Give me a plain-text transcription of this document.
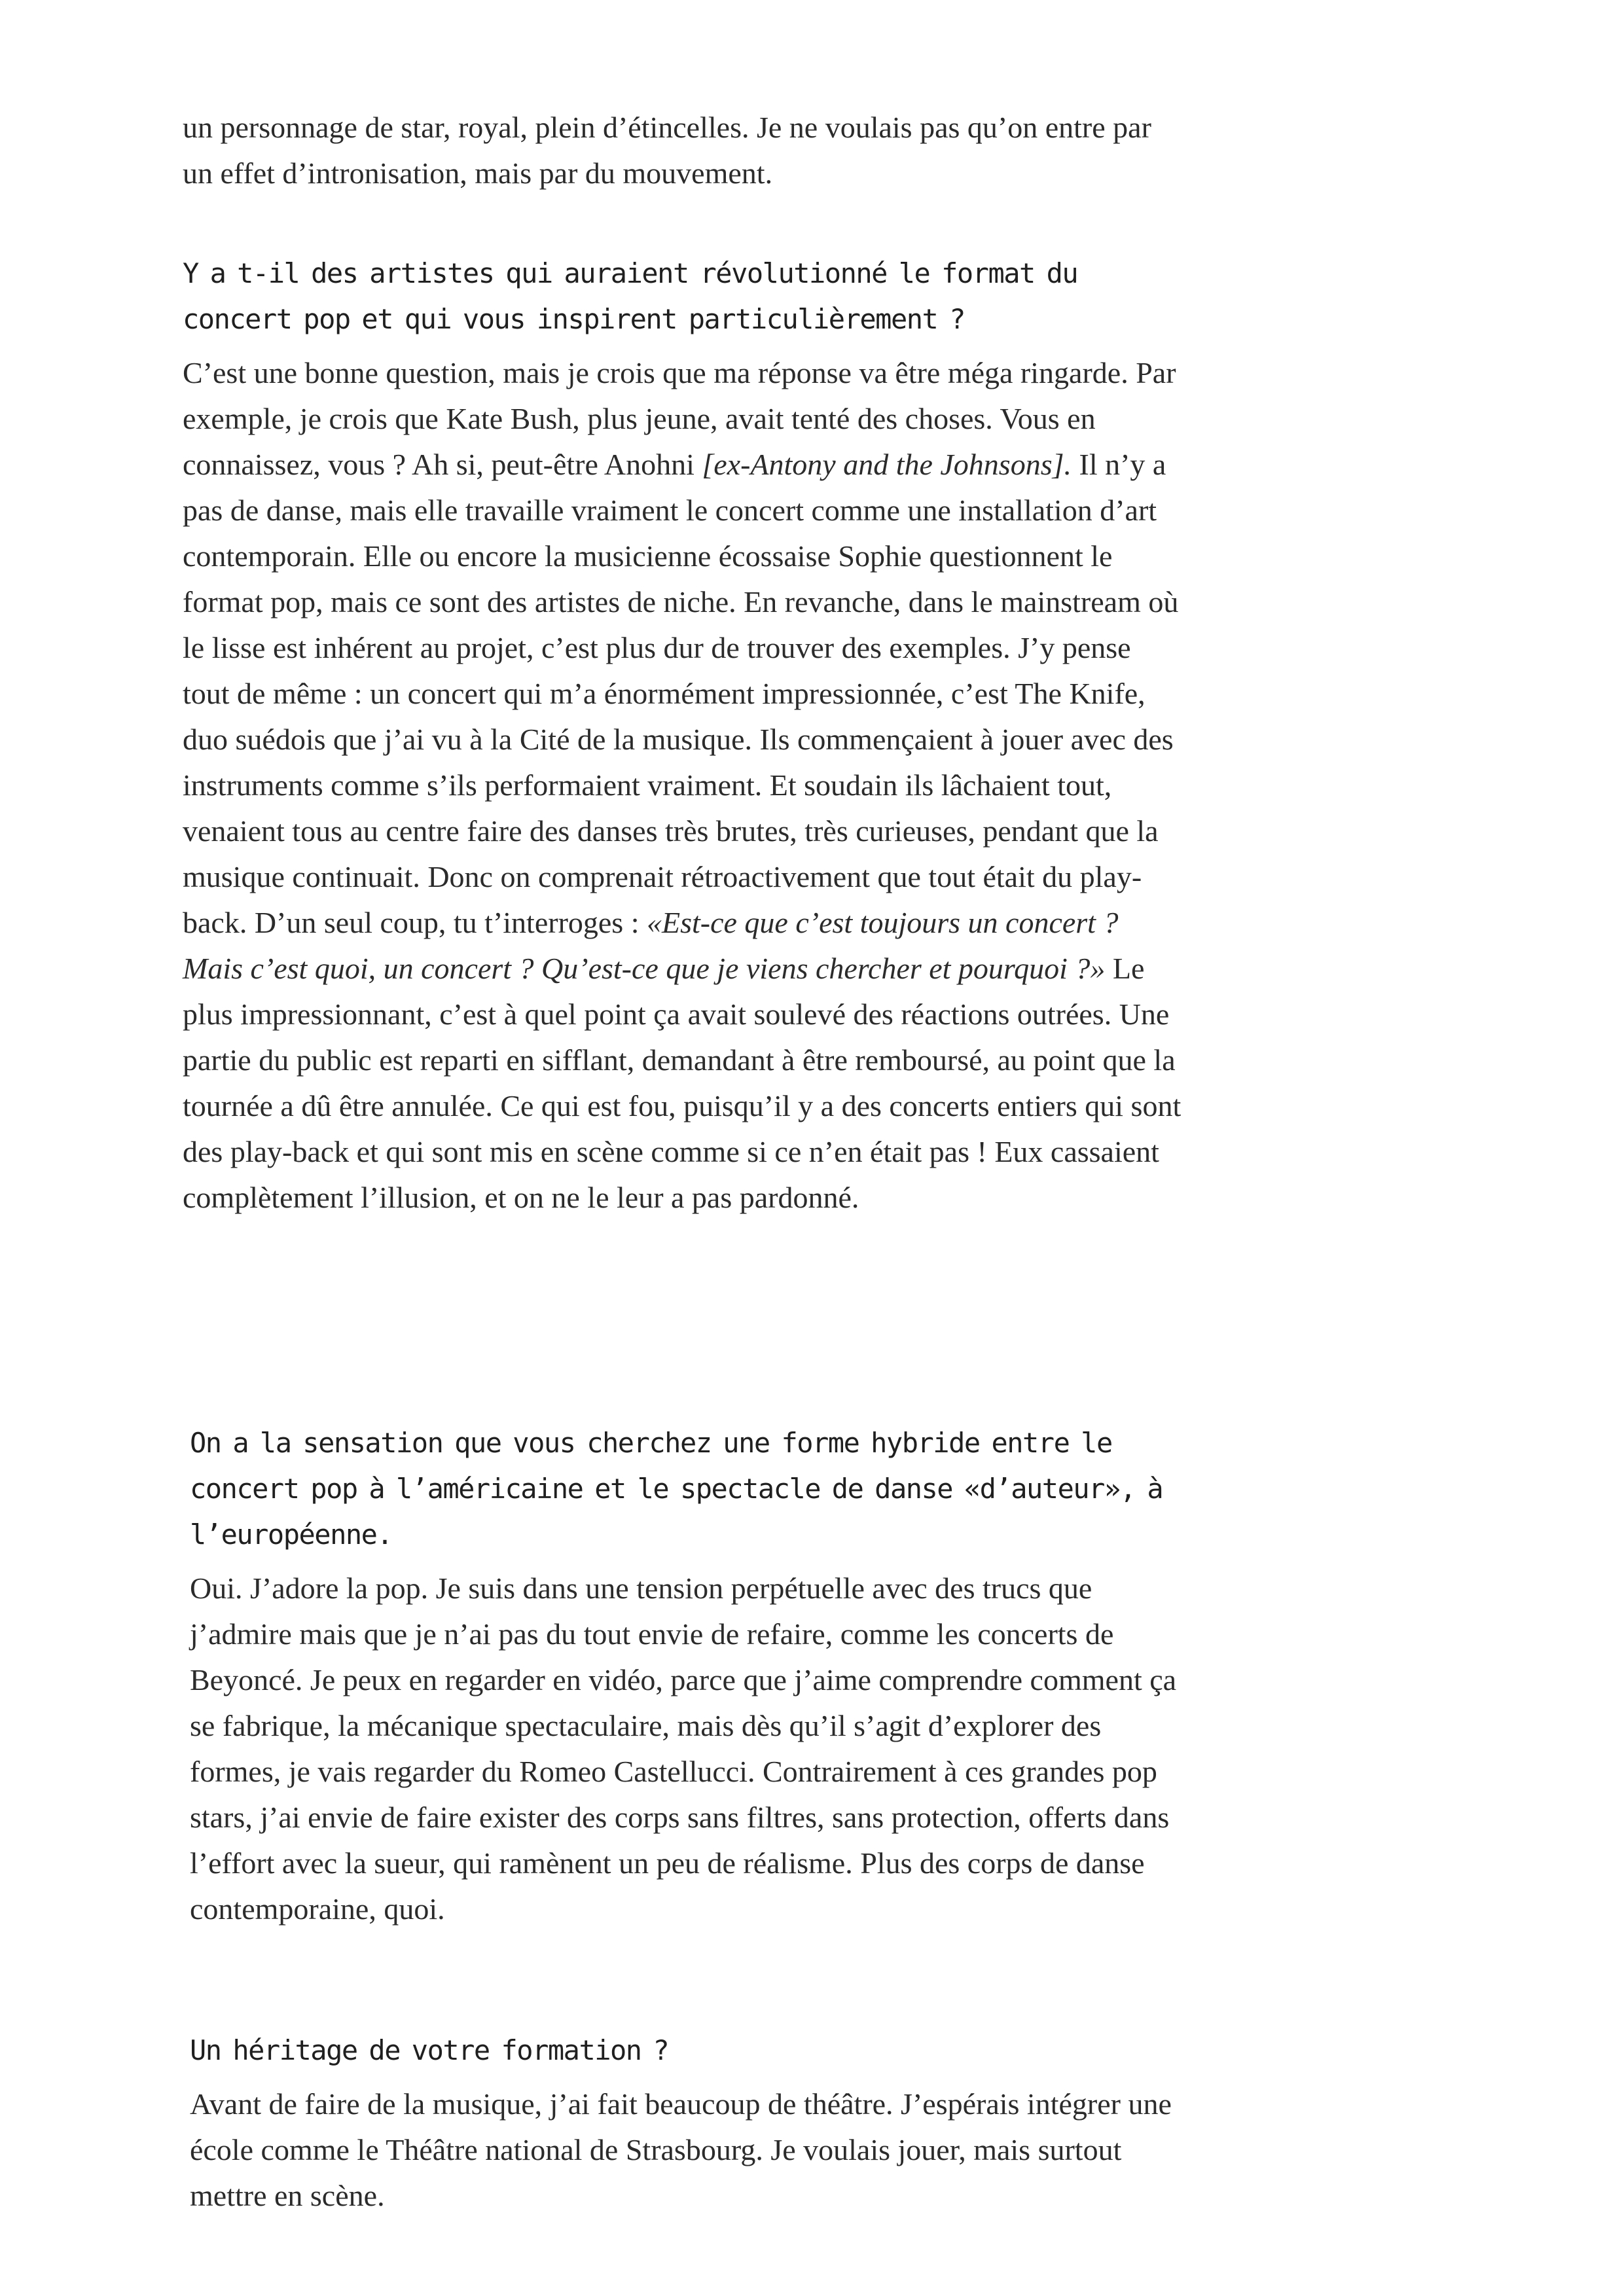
un personnage de star, royal, plein d’étincelles. Je ne voulais pas qu’on entre par un effet d’intronisation, mais par du mouvement.

Y a t-il des artistes qui auraient révolutionné le format du concert pop et qui vous inspirent particulièrement ?

C’est une bonne question, mais je crois que ma réponse va être méga ringarde. Par exemple, je crois que Kate Bush, plus jeune, avait tenté des choses. Vous en connaissez, vous ? Ah si, peut-être Anohni [ex-Antony and the Johnsons]. Il n’y a pas de danse, mais elle travaille vraiment le concert comme une installation d’art contemporain. Elle ou encore la musicienne écossaise Sophie questionnent le format pop, mais ce sont des artistes de niche. En revanche, dans le mainstream où le lisse est inhérent au projet, c’est plus dur de trouver des exemples. J’y pense tout de même : un concert qui m’a énormément impressionnée, c’est The Knife, duo suédois que j’ai vu à la Cité de la musique. Ils commençaient à jouer avec des instruments comme s’ils performaient vraiment. Et soudain ils lâchaient tout, venaient tous au centre faire des danses très brutes, très curieuses, pendant que la musique continuait. Donc on comprenait rétroactivement que tout était du play-back. D’un seul coup, tu t’interroges : «Est-ce que c’est toujours un concert ? Mais c’est quoi, un concert ? Qu’est-ce que je viens chercher et pourquoi ?» Le plus impressionnant, c’est à quel point ça avait soulevé des réactions outrées. Une partie du public est reparti en sifflant, demandant à être remboursé, au point que la tournée a dû être annulée. Ce qui est fou, puisqu’il y a des concerts entiers qui sont des play-back et qui sont mis en scène comme si ce n’en était pas ! Eux cassaient complètement l’illusion, et on ne le leur a pas pardonné.

On a la sensation que vous cherchez une forme hybride entre le concert pop à l’américaine et le spectacle de danse «d’auteur», à l’européenne.

Oui. J’adore la pop. Je suis dans une tension perpétuelle avec des trucs que j’admire mais que je n’ai pas du tout envie de refaire, comme les concerts de Beyoncé. Je peux en regarder en vidéo, parce que j’aime comprendre comment ça se fabrique, la mécanique spectaculaire, mais dès qu’il s’agit d’explorer des formes, je vais regarder du Romeo Castellucci. Contrairement à ces grandes pop stars, j’ai envie de faire exister des corps sans filtres, sans protection, offerts dans l’effort avec la sueur, qui ramènent un peu de réalisme. Plus des corps de danse contemporaine, quoi.

Un héritage de votre formation ?

Avant de faire de la musique, j’ai fait beaucoup de théâtre. J’espérais intégrer une école comme le Théâtre national de Strasbourg. Je voulais jouer, mais surtout mettre en scène.
